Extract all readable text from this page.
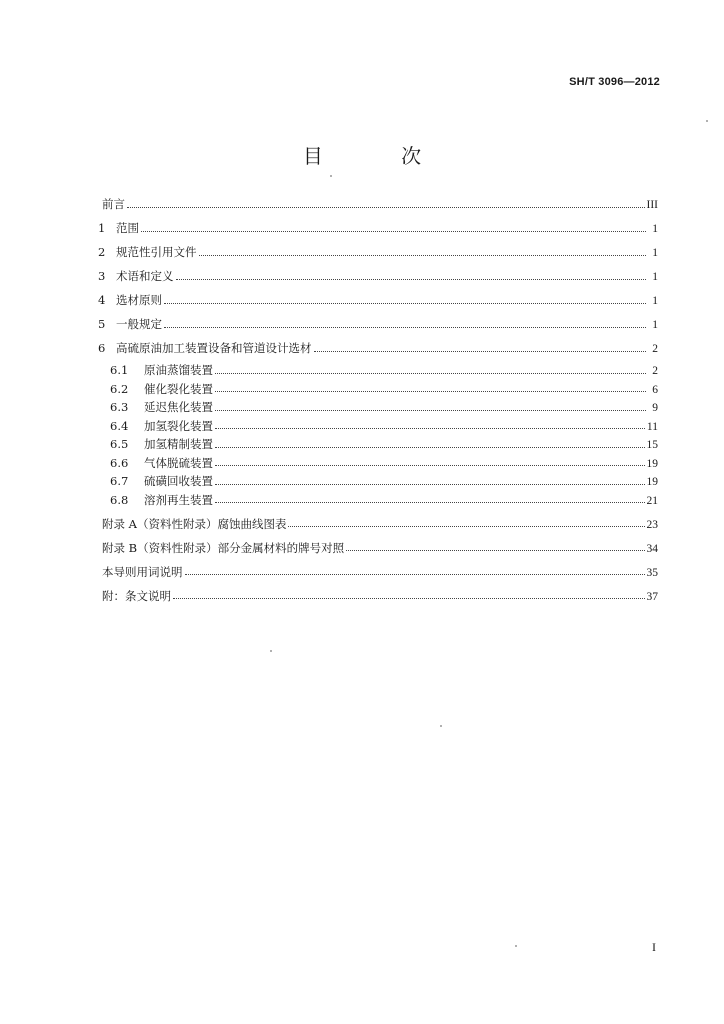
SH/T 3096—2012
目 次
前言	III
1 范围	1
2 规范性引用文件	1
3 术语和定义	1
4 选材原则	1
5 一般规定	1
6 高硫原油加工装置设备和管道设计选材	2
6.1	原油蒸馏装置	2
6.2	催化裂化装置	6
6.3	延迟焦化装置	9
6.4	加氢裂化装置	11
6.5	加氢精制装置	15
6.6	气体脱硫装置	19
6.7	硫磺回收装置	19
6.8	溶剂再生装置	21
附录 A（资料性附录）腐蚀曲线图表	23
附录 B（资料性附录）部分金属材料的牌号对照	34
本导则用词说明	35
附：条文说明	37
I
